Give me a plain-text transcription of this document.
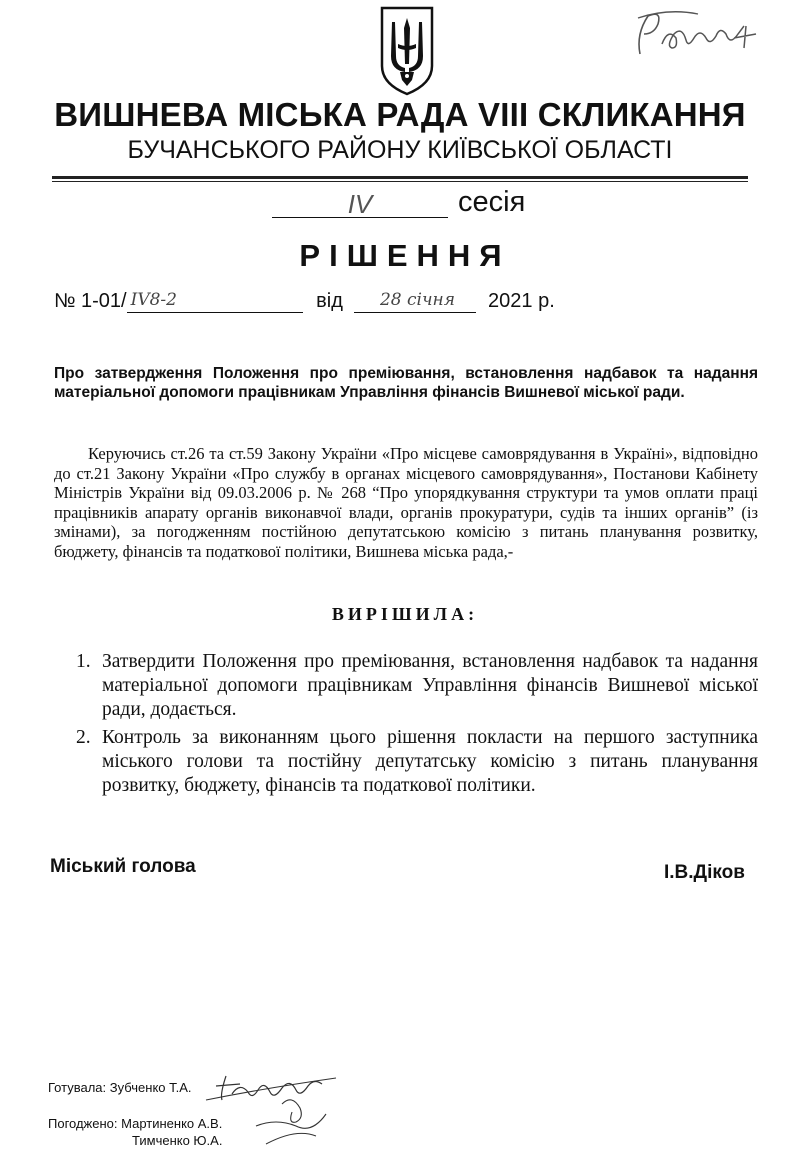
ВИШНЕВА МІСЬКА РАДА VIII СКЛИКАННЯ
БУЧАНСЬКОГО РАЙОНУ КИЇВСЬКОЇ ОБЛАСТІ
IV	сесія
РІШЕННЯ
№ 1-01/ IV8-2	від 28 січня 2021 р.
Про затвердження Положення про преміювання, встановлення надбавок та надання матеріальної допомоги працівникам Управління фінансів Вишневої міської ради.
Керуючись ст.26 та ст.59 Закону України «Про місцеве самоврядування в Україні», відповідно до ст.21 Закону України «Про службу в органах місцевого самоврядування», Постанови Кабінету Міністрів України від 09.03.2006 р. № 268 “Про упорядкування структури та умов оплати праці працівників апарату органів виконавчої влади, органів прокуратури, судів та інших органів” (із змінами), за погодженням постійною депутатською комісію з питань планування розвитку, бюджету, фінансів та податкової політики, Вишнева міська рада,-
ВИРІШИЛА:
1. Затвердити Положення про преміювання, встановлення надбавок та надання матеріальної допомоги працівникам Управління фінансів Вишневої міської ради, додається.
2. Контроль за виконанням цього рішення покласти на першого заступника міського голови та постійну депутатську комісію з питань планування розвитку, бюджету, фінансів та податкової політики.
Міський голова	І.В.Діков
Готувала: Зубченко Т.А.
Погоджено: Мартиненко А.В.
Тимченко Ю.А.
